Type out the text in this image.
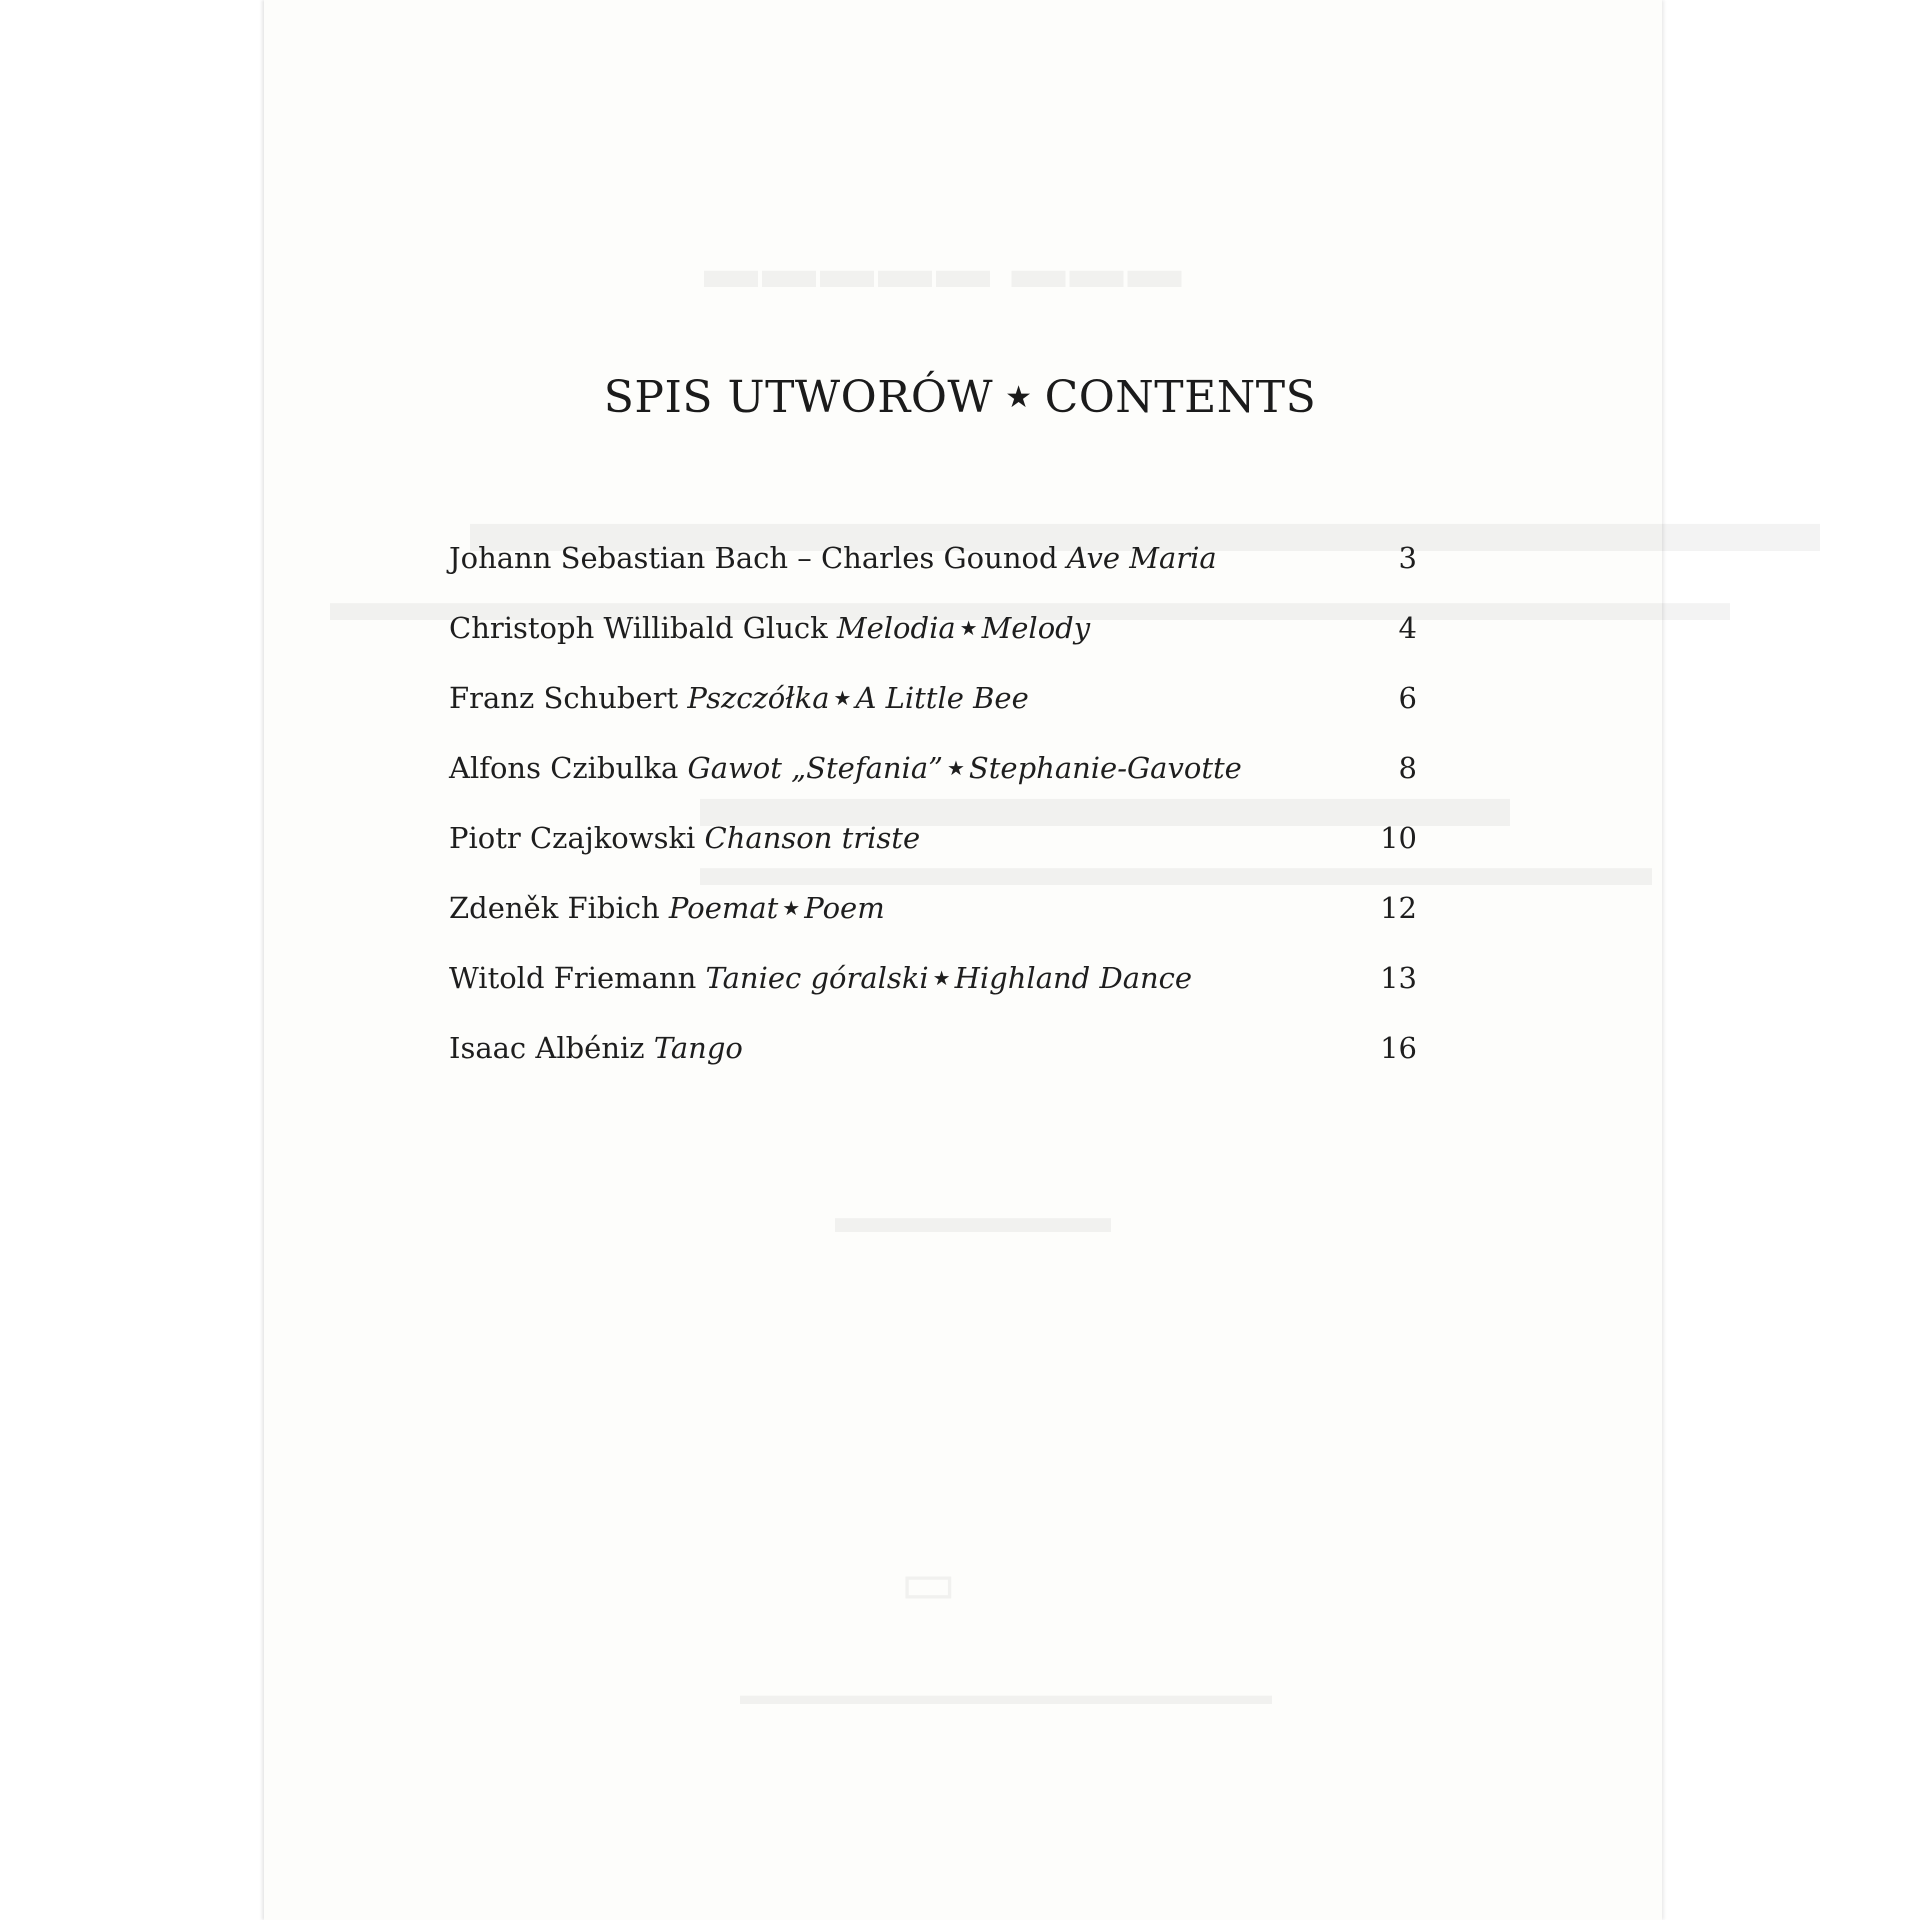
SPIS UTWORÓW ★ CONTENTS
Johann Sebastian Bach – Charles Gounod Ave Maria	3
Christoph Willibald Gluck Melodia ★ Melody	4
Franz Schubert Pszczółka ★ A Little Bee	6
Alfons Czibulka Gawot „Stefania” ★ Stephanie-Gavotte	8
Piotr Czajkowski Chanson triste	10
Zdeněk Fibich Poemat ★ Poem	12
Witold Friemann Taniec góralski ★ Highland Dance	13
Isaac Albéniz Tango	16
